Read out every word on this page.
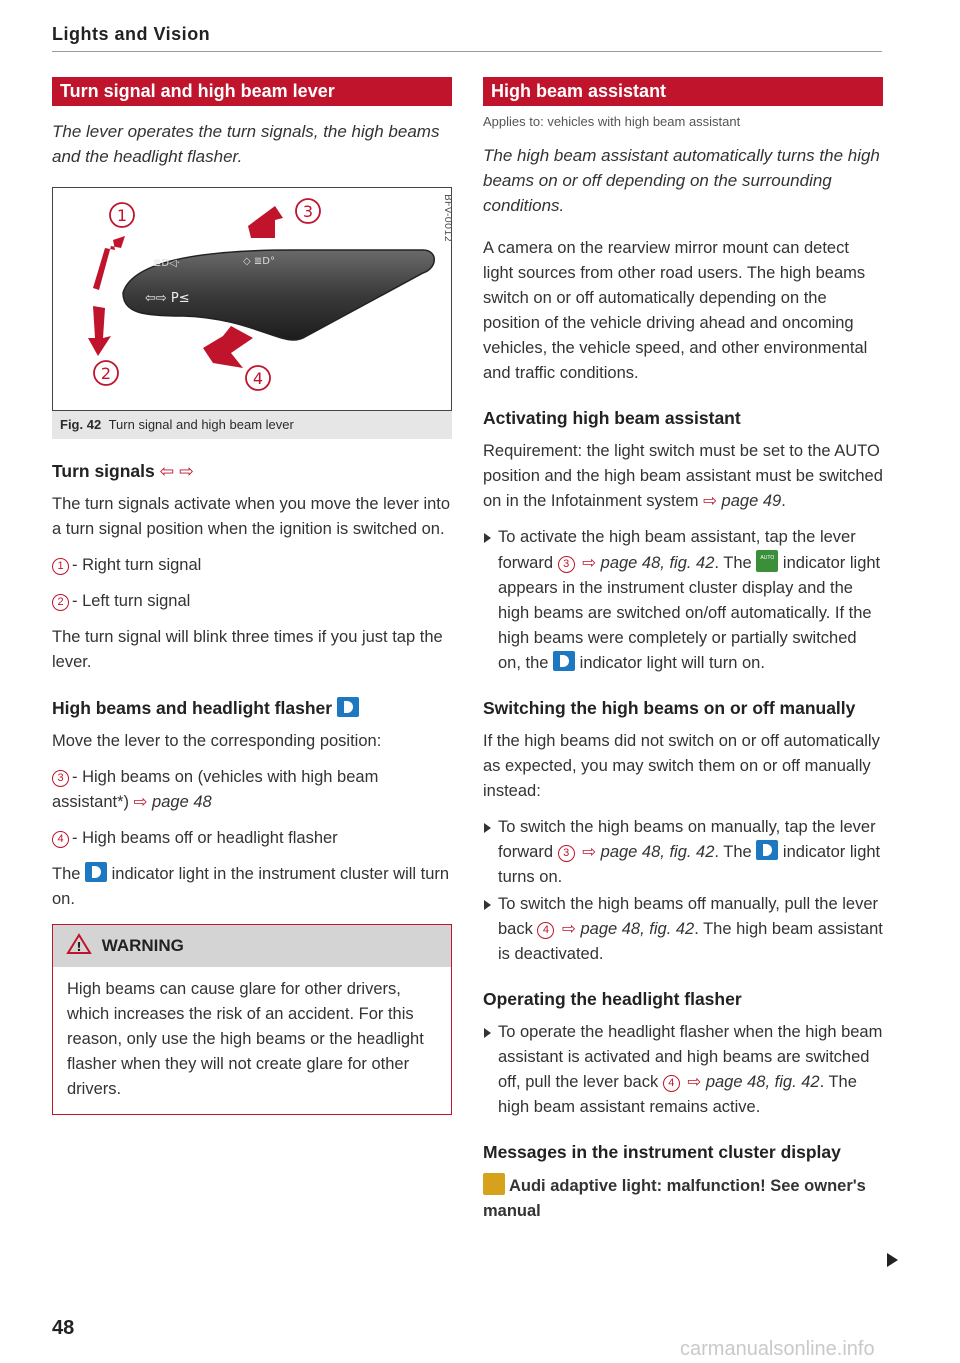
Lights and Vision
Turn signal and high beam lever
The lever operates the turn signals, the high beams and the headlight flasher.
≣D◁·	◇ ≣D°
⇦⇨ P≤
1
2
3
4
BFV-0012
Fig. 42 Turn signal and high beam lever
Turn signals ⇦ ⇨

The turn signals activate when you move the lever into a turn signal position when the ignition is switched on.

1 - Right turn signal

2 - Left turn signal

The turn signal will blink three times if you just tap the lever.

High beams and headlight flasher

Move the lever to the corresponding position:

3 - High beams on (vehicles with high beam assistant*) ⇨ page 48

4 - High beams off or headlight flasher

The indicator light in the instrument cluster will turn on.

! WARNING

High beams can cause glare for other drivers, which increases the risk of an accident. For this reason, only use the high beams or the headlight flasher when they will not create glare for other drivers.

High beam assistant
Applies to: vehicles with high beam assistant
The high beam assistant automatically turns the high beams on or off depending on the surrounding conditions.

A camera on the rearview mirror mount can detect light sources from other road users. The high beams switch on or off automatically depending on the position of the vehicle driving ahead and oncoming vehicles, the vehicle speed, and other environmental and traffic conditions.

Activating high beam assistant

Requirement: the light switch must be set to the AUTO position and the high beam assistant must be switched on in the Infotainment system ⇨ page 49.

To activate the high beam assistant, tap the lever forward 3 ⇨ page 48, fig. 42. The AUTO indicator light appears in the instrument cluster display and the high beams are switched on/off automatically. If the high beams were completely or partially switched on, the indicator light will turn on.

Switching the high beams on or off manually

If the high beams did not switch on or off automatically as expected, you may switch them on or off manually instead:

To switch the high beams on manually, tap the lever forward 3 ⇨ page 48, fig. 42. The indicator light turns on.

To switch the high beams off manually, pull the lever back 4 ⇨ page 48, fig. 42. The high beam assistant is deactivated.

Operating the headlight flasher

To operate the headlight flasher when the high beam assistant is activated and high beams are switched off, pull the lever back 4 ⇨ page 48, fig. 42. The high beam assistant remains active.

Messages in the instrument cluster display

Audi adaptive light: malfunction! See owner's manual

48
carmanualsonline.info
